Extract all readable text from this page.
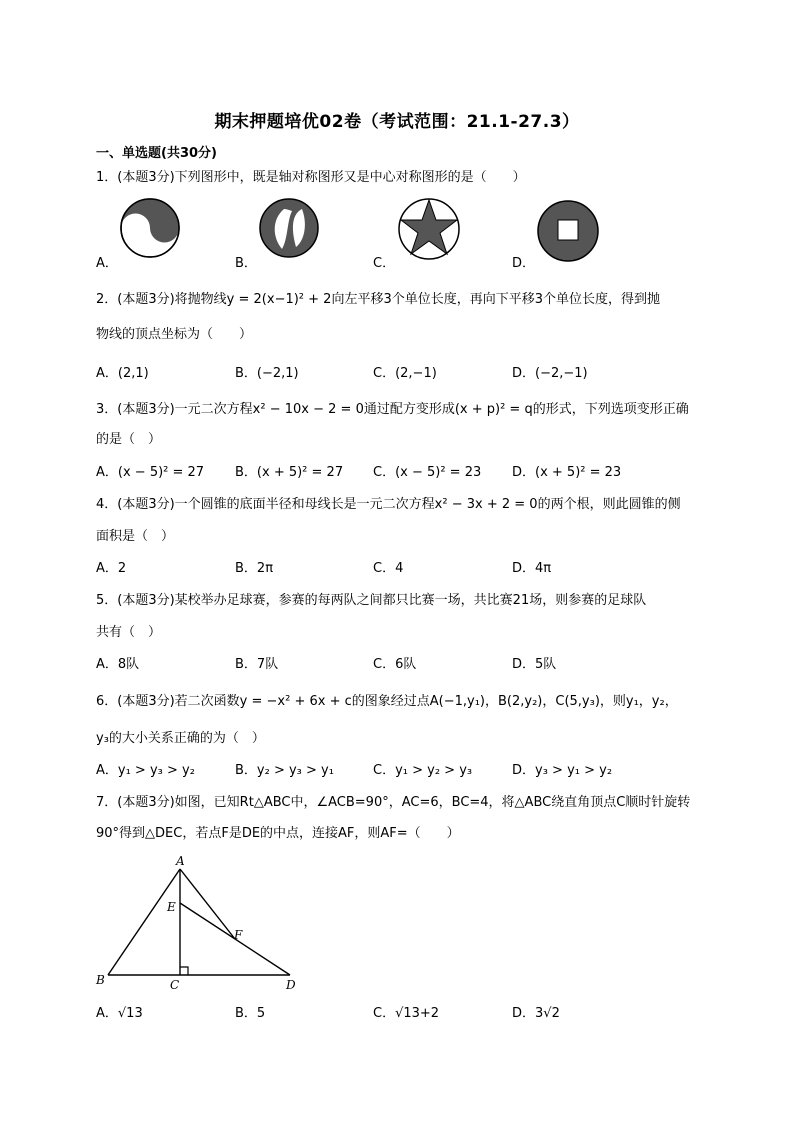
期末押题培优02卷（考试范围：21.1-27.3）
一、单选题(共30分)
1．(本题3分)下列图形中，既是轴对称图形又是中心对称图形的是（　　）
A．	B．	C．	D．
2．(本题3分)将抛物线y = 2(x−1)² + 2向左平移3个单位长度，再向下平移3个单位长度，得到抛
物线的顶点坐标为（　　）
A．(2,1)	B．(−2,1)	C．(2,−1)	D．(−2,−1)
3．(本题3分)一元二次方程x² − 10x − 2 = 0通过配方变形成(x + p)² = q的形式，下列选项变形正确
的是（　）
A．(x − 5)² = 27 B．(x + 5)² = 27 C．(x − 5)² = 23 D．(x + 5)² = 23
4．(本题3分)一个圆锥的底面半径和母线长是一元二次方程x² − 3x + 2 = 0的两个根，则此圆锥的侧
面积是（　）
A．2	B．2π	C．4	D．4π
5．(本题3分)某校举办足球赛，参赛的每两队之间都只比赛一场，共比赛21场，则参赛的足球队
共有（　）
A．8队	B．7队	C．6队	D．5队
6．(本题3分)若二次函数y = −x² + 6x + c的图象经过点A(−1,y₁)，B(2,y₂)，C(5,y₃)，则y₁，y₂，
y₃的大小关系正确的为（　）
A．y₁ > y₃ > y₂	B．y₂ > y₃ > y₁	C．y₁ > y₂ > y₃	D．y₃ > y₁ > y₂
7．(本题3分)如图，已知Rt△ABC中，∠ACB=90°，AC=6，BC=4，将△ABC绕直角顶点C顺时针旋转
90°得到△DEC，若点F是DE的中点，连接AF，则AF=（　　）
A
E
F
B	C	D
A．√13	B．5	C．√13+2	D．3√2
